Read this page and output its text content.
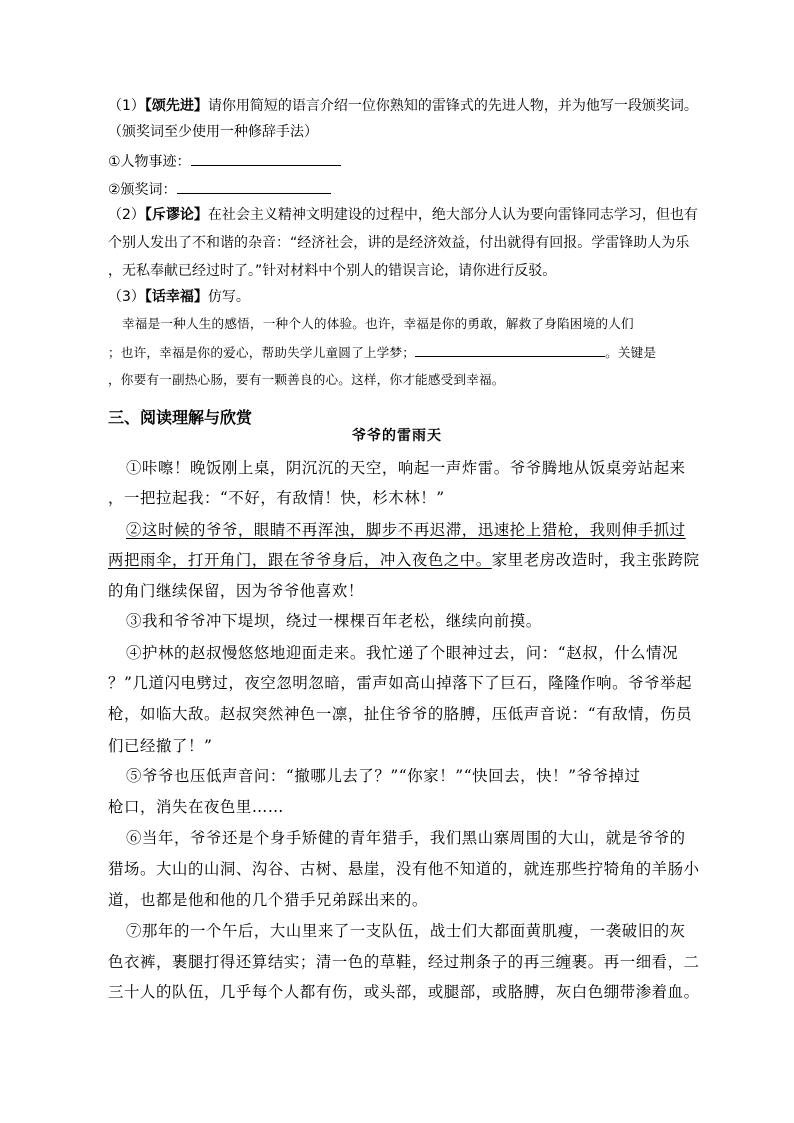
（1）【颂先进】请你用简短的语言介绍一位你熟知的雷锋式的先进人物，并为他写一段颁奖词。
（颁奖词至少使用一种修辞手法）
①人物事迹：
②颁奖词：
（2）【斥谬论】在社会主义精神文明建设的过程中，绝大部分人认为要向雷锋同志学习，但也有
个别人发出了不和谐的杂音：“经济社会，讲的是经济效益，付出就得有回报。学雷锋助人为乐
，无私奉献已经过时了。”针对材料中个别人的错误言论，请你进行反驳。
（3）【话幸福】仿写。
幸福是一种人生的感悟，一种个人的体验。也许，幸福是你的勇敢，解救了身陷困境的人们
；也许，幸福是你的爱心，帮助失学儿童圆了上学梦；	。关键是
，你要有一副热心肠，要有一颗善良的心。这样，你才能感受到幸福。
三、阅读理解与欣赏
爷爷的雷雨天
①咔嚓！晚饭刚上桌，阴沉沉的天空，响起一声炸雷。爷爷腾地从饭桌旁站起来
，一把拉起我：“不好，有敌情！快，杉木林！”
②这时候的爷爷，眼睛不再浑浊，脚步不再迟滞，迅速抡上猎枪，我则伸手抓过
两把雨伞，打开角门，跟在爷爷身后，冲入夜色之中。家里老房改造时，我主张跨院
的角门继续保留，因为爷爷他喜欢！
③我和爷爷冲下堤坝，绕过一棵棵百年老松，继续向前摸。
④护林的赵叔慢悠悠地迎面走来。我忙递了个眼神过去，问：“赵叔，什么情况
？”几道闪电劈过，夜空忽明忽暗，雷声如高山掉落下了巨石，隆隆作响。爷爷举起
枪，如临大敌。赵叔突然神色一凛，扯住爷爷的胳膊，压低声音说：“有敌情，伤员
们已经撤了！”
⑤爷爷也压低声音问：“撤哪儿去了？”“你家！”“快回去，快！”爷爷掉过
枪口，消失在夜色里……
⑥当年，爷爷还是个身手矫健的青年猎手，我们黑山寨周围的大山，就是爷爷的
猎场。大山的山洞、沟谷、古树、悬崖，没有他不知道的，就连那些拧犄角的羊肠小
道，也都是他和他的几个猎手兄弟踩出来的。
⑦那年的一个午后，大山里来了一支队伍，战士们大都面黄肌瘦，一袭破旧的灰
色衣裤，裹腿打得还算结实；清一色的草鞋，经过荆条子的再三缠裹。再一细看，二
三十人的队伍，几乎每个人都有伤，或头部，或腿部，或胳膊，灰白色绷带渗着血。
